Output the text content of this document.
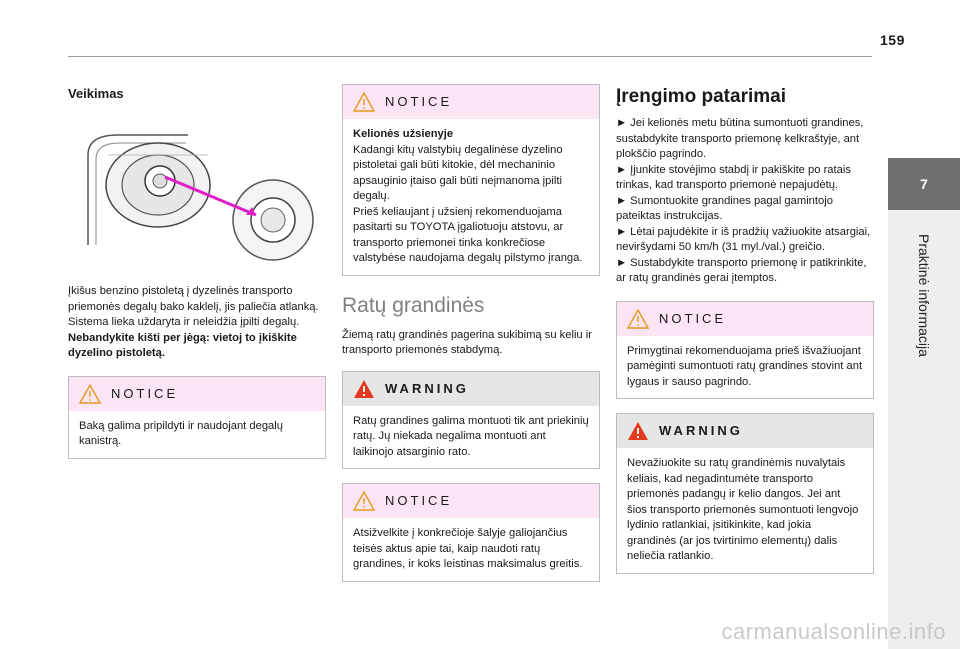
159
7
Praktinė informacija
Veikimas

Įkišus benzino pistoletą į dyzelinės transporto priemonės degalų bako kaklelį, jis paliečia atlanką. Sistema lieka uždaryta ir neleidžia įpilti degalų.

Nebandykite kišti per jėgą: vietoj to įkiškite dyzelino pistoletą.

NOTICE

Baką galima pripildyti ir naudojant degalų kanistrą.

NOTICE

Kelionės užsienyje

Kadangi kitų valstybių degalinėse dyzelino pistoletai gali būti kitokie, dėl mechaninio apsauginio įtaiso gali būti neįmanoma įpilti degalų.

Prieš keliaujant į užsienį rekomenduojama pasitarti su TOYOTA įgaliotuoju atstovu, ar transporto priemonei tinka konkrečiose valstybėse naudojama degalų pilstymo įranga.

Ratų grandinės

Žiemą ratų grandinės pagerina sukibimą su keliu ir transporto priemonės stabdymą.

WARNING

Ratų grandines galima montuoti tik ant priekinių ratų. Jų niekada negalima montuoti ant laikinojo atsarginio rato.

NOTICE

Atsižvelkite į konkrečioje šalyje galiojančius teisės aktus apie tai, kaip naudoti ratų grandines, ir koks leistinas maksimalus greitis.

Įrengimo patarimai

► Jei kelionės metu būtina sumontuoti grandines, sustabdykite transporto priemonę kelkraštyje, ant plokščio pagrindo.

► Įjunkite stovėjimo stabdį ir pakiškite po ratais trinkas, kad transporto priemonė nepajudėtų.

► Sumontuokite grandines pagal gamintojo pateiktas instrukcijas.

► Lėtai pajudėkite ir iš pradžių važiuokite atsargiai, neviršydami 50 km/h (31 myl./val.) greičio.

► Sustabdykite transporto priemonę ir patikrinkite, ar ratų grandinės gerai įtemptos.

NOTICE

Primygtinai rekomenduojama prieš išvažiuojant pamėginti sumontuoti ratų grandines stovint ant lygaus ir sauso pagrindo.

WARNING

Nevažiuokite su ratų grandinėmis nuvalytais keliais, kad negadintumėte transporto priemonės padangų ir kelio dangos. Jei ant šios transporto priemonės sumontuoti lengvojo lydinio ratlankiai, įsitikinkite, kad jokia grandinės (ar jos tvirtinimo elementų) dalis neliečia ratlankio.

carmanualsonline.info
